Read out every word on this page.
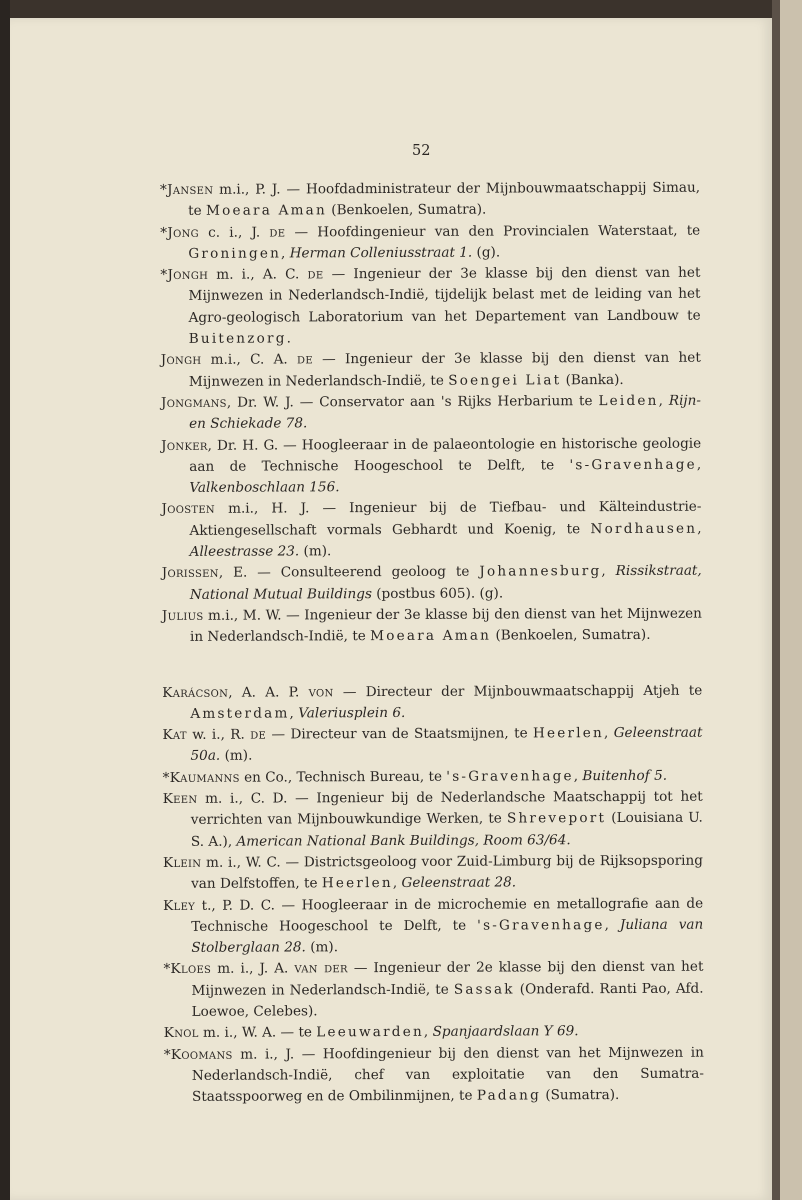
52
*Jansen m.i., P. J. — Hoofdadministrateur der Mijnbouwmaatschappij Simau, te Moeara Aman (Benkoelen, Sumatra).
*Jong c. i., J. de — Hoofdingenieur van den Provincialen Waterstaat, te Groningen, Herman Colleniusstraat 1. (g).
*Jongh m. i., A. C. de — Ingenieur der 3e klasse bij den dienst van het Mijnwezen in Nederlandsch-Indië, tijdelijk belast met de leiding van het Agro-geologisch Laboratorium van het Departement van Landbouw te Buitenzorg.
Jongh m.i., C. A. de — Ingenieur der 3e klasse bij den dienst van het Mijnwezen in Nederlandsch-Indië, te Soengei Liat (Banka).
Jongmans, Dr. W. J. — Conservator aan 's Rijks Herbarium te Leiden, Rijn- en Schiekade 78.
Jonker, Dr. H. G. — Hoogleeraar in de palaeontologie en historische geologie aan de Technische Hoogeschool te Delft, te 's-Gravenhage, Valkenboschlaan 156.
Joosten m.i., H. J. — Ingenieur bij de Tiefbau- und Kälteindustrie-Aktiengesellschaft vormals Gebhardt und Koenig, te Nordhausen, Alleestrasse 23. (m).
Jorissen, E. — Consulteerend geoloog te Johannesburg, Rissikstraat, National Mutual Buildings (postbus 605). (g).
Julius m.i., M. W. — Ingenieur der 3e klasse bij den dienst van het Mijnwezen in Nederlandsch-Indië, te Moeara Aman (Benkoelen, Sumatra).
Karácson, A. A. P. von — Directeur der Mijnbouwmaatschappij Atjeh te Amsterdam, Valeriusplein 6.
Kat w. i., R. de — Directeur van de Staatsmijnen, te Heerlen, Geleenstraat 50a. (m).
*Kaumanns en Co., Technisch Bureau, te 's-Gravenhage, Buitenhof 5.
Keen m. i., C. D. — Ingenieur bij de Nederlandsche Maatschappij tot het verrichten van Mijnbouwkundige Werken, te Shreveport (Louisiana U. S. A.), American National Bank Buildings, Room 63/64.
Klein m. i., W. C. — Districtsgeoloog voor Zuid-Limburg bij de Rijksopsporing van Delfstoffen, te Heerlen, Geleenstraat 28.
Kley t., P. D. C. — Hoogleeraar in de microchemie en metallografie aan de Technische Hoogeschool te Delft, te 's-Gravenhage, Juliana van Stolberglaan 28. (m).
*Kloes m. i., J. A. van der — Ingenieur der 2e klasse bij den dienst van het Mijnwezen in Nederlandsch-Indië, te Sassak (Onderafd. Ranti Pao, Afd. Loewoe, Celebes).
Knol m. i., W. A. — te Leeuwarden, Spanjaardslaan Y 69.
*Koomans m. i., J. — Hoofdingenieur bij den dienst van het Mijnwezen in Nederlandsch-Indië, chef van exploitatie van den Sumatra-Staatsspoorweg en de Ombilinmijnen, te Padang (Sumatra).
